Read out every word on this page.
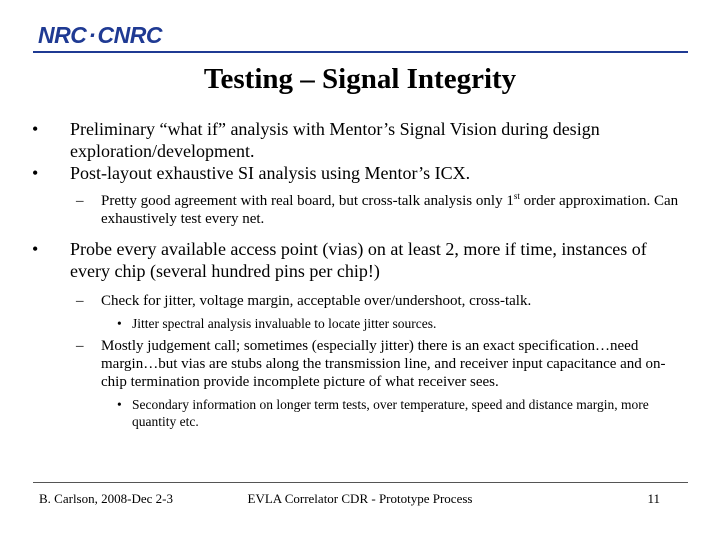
NRC·CNRC
Testing – Signal Integrity
• Preliminary “what if” analysis with Mentor’s Signal Vision during design exploration/development.
• Post-layout exhaustive SI analysis using Mentor’s ICX.
– Pretty good agreement with real board, but cross-talk analysis only 1st order approximation. Can exhaustively test every net.
• Probe every available access point (vias) on at least 2, more if time, instances of every chip (several hundred pins per chip!)
– Check for jitter, voltage margin, acceptable over/undershoot, cross-talk.
• Jitter spectral analysis invaluable to locate jitter sources.
– Mostly judgement call; sometimes (especially jitter) there is an exact specification…need margin…but vias are stubs along the transmission line, and receiver input capacitance and on-chip termination provide incomplete picture of what receiver sees.
• Secondary information on longer term tests, over temperature, speed and distance margin, more quantity etc.
B. Carlson, 2008-Dec 2-3	EVLA Correlator CDR - Prototype Process	11
